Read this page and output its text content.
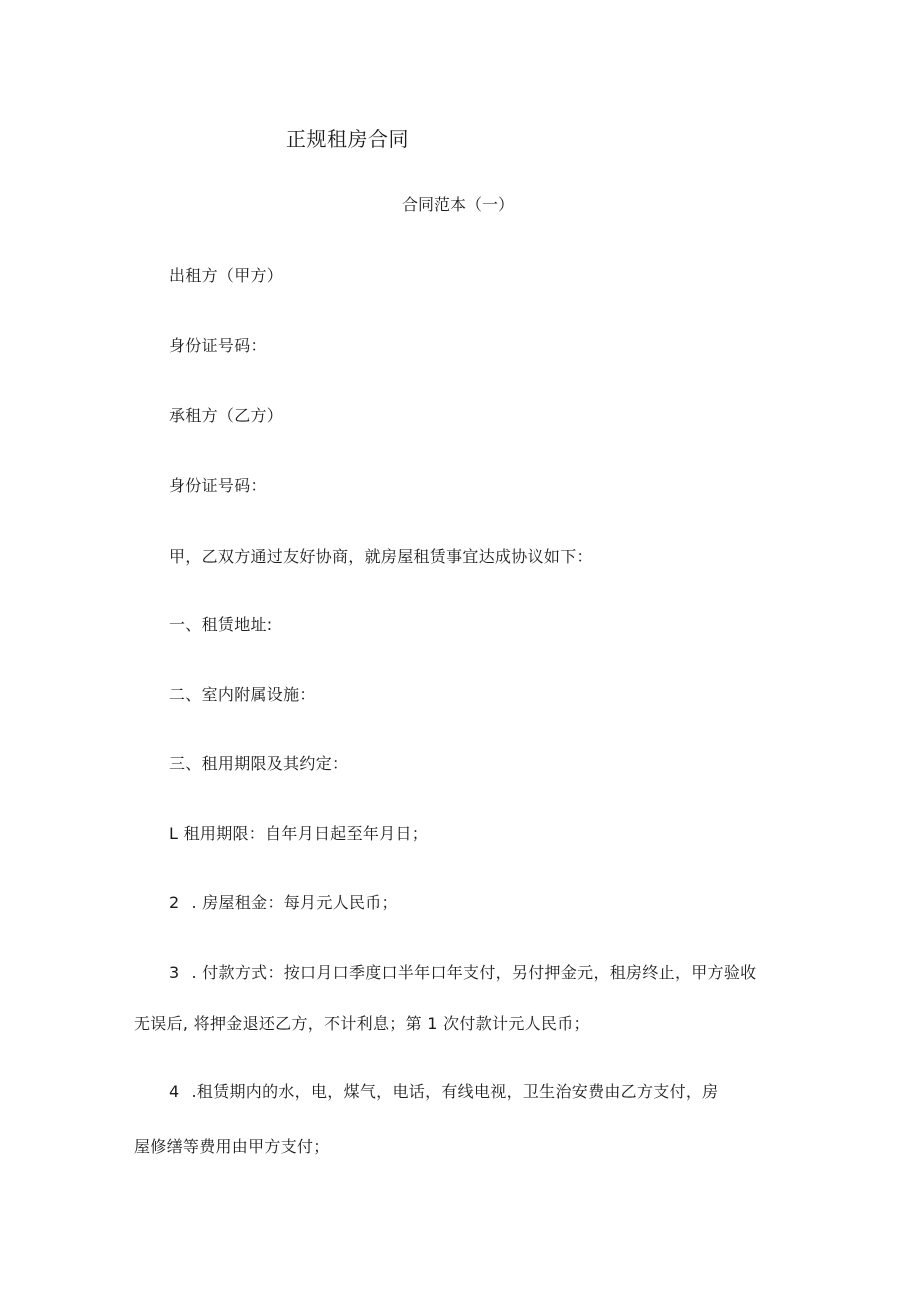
正规租房合同
合同范本（一）
出租方（甲方）
身份证号码：
承租方（乙方）
身份证号码：
甲，乙双方通过友好协商，就房屋租赁事宜达成协议如下：
一、租赁地址:
二、室内附属设施：
三、租用期限及其约定：
L 租用期限：自年月日起至年月日；
2 . 房屋租金：每月元人民币；
3 . 付款方式：按口月口季度口半年口年支付，另付押金元，租房终止，甲方验收
无误后, 将押金退还乙方，不计利息；第 1 次付款计元人民币；
4 .租赁期内的水，电，煤气，电话，有线电视，卫生治安费由乙方支付，房
屋修缮等费用由甲方支付；
